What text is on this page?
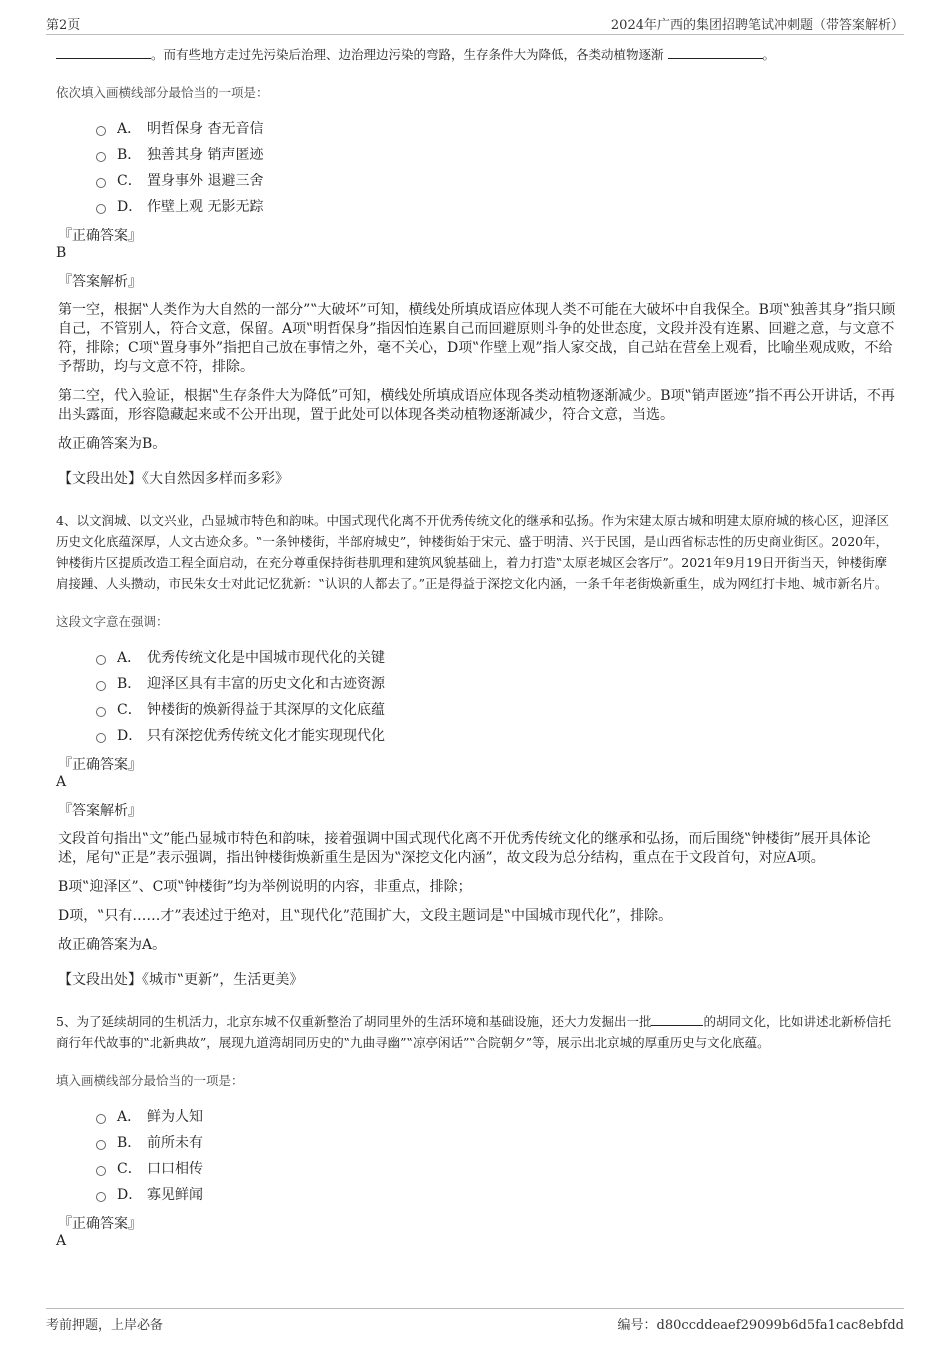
第2页	2024年广西的集团招聘笔试冲刺题（带答案解析）

。而有些地方走过先污染后治理、边治理边污染的弯路，生存条件大为降低，各类动植物逐渐	。

依次填入画横线部分最恰当的一项是：

A． 明哲保身 杳无音信
B． 独善其身 销声匿迹
C． 置身事外 退避三舍
D． 作壁上观 无影无踪
『正确答案』
B
『答案解析』

第一空，根据‟人类作为大自然的一部分”‟大破坏”可知，横线处所填成语应体现人类不可能在大破坏中自我保全。B项‟独善其身”指只顾自己，不管别人，符合文意，保留。A项‟明哲保身”指因怕连累自己而回避原则斗争的处世态度，文段并没有连累、回避之意，与文意不符，排除；C项‟置身事外”指把自己放在事情之外，毫不关心，D项‟作壁上观”指人家交战，自己站在营垒上观看，比喻坐观成败，不给予帮助，均与文意不符，排除。

第二空，代入验证，根据‟生存条件大为降低”可知，横线处所填成语应体现各类动植物逐渐减少。B项‟销声匿迹”指不再公开讲话，不再出头露面，形容隐藏起来或不公开出现，置于此处可以体现各类动植物逐渐减少，符合文意，当选。

故正确答案为B。

【文段出处】《大自然因多样而多彩》

4、以文润城、以文兴业，凸显城市特色和韵味。中国式现代化离不开优秀传统文化的继承和弘扬。作为宋建太原古城和明建太原府城的核心区，迎泽区历史文化底蕴深厚，人文古迹众多。‟一条钟楼街，半部府城史”，钟楼街始于宋元、盛于明清、兴于民国，是山西省标志性的历史商业街区。2020年，钟楼街片区提质改造工程全面启动，在充分尊重保持街巷肌理和建筑风貌基础上，着力打造‟太原老城区会客厅”。2021年9月19日开街当天，钟楼街摩肩接踵、人头攒动，市民朱女士对此记忆犹新：‟认识的人都去了。”正是得益于深挖文化内涵，一条千年老街焕新重生，成为网红打卡地、城市新名片。

这段文字意在强调：

A． 优秀传统文化是中国城市现代化的关键
B． 迎泽区具有丰富的历史文化和古迹资源
C． 钟楼街的焕新得益于其深厚的文化底蕴
D． 只有深挖优秀传统文化才能实现现代化
『正确答案』
A
『答案解析』

文段首句指出‟文”能凸显城市特色和韵味，接着强调中国式现代化离不开优秀传统文化的继承和弘扬，而后围绕‟钟楼街”展开具体论述，尾句‟正是”表示强调，指出钟楼街焕新重生是因为‟深挖文化内涵”，故文段为总分结构，重点在于文段首句，对应A项。

B项‟迎泽区”、C项‟钟楼街”均为举例说明的内容，非重点，排除；

D项，‟只有……才”表述过于绝对，且‟现代化”范围扩大，文段主题词是‟中国城市现代化”，排除。

故正确答案为A。

【文段出处】《城市‟更新”，生活更美》

5、为了延续胡同的生机活力，北京东城不仅重新整治了胡同里外的生活环境和基础设施，还大力发掘出一批	的胡同文化，比如讲述北新桥信托商行年代故事的‟北新典故”，展现九道湾胡同历史的‟九曲寻幽”‟凉亭闲话”‟合院朝夕”等，展示出北京城的厚重历史与文化底蕴。

填入画横线部分最恰当的一项是：

A． 鲜为人知
B． 前所未有
C． 口口相传
D． 寡见鲜闻
『正确答案』
A
考前押题，上岸必备	编号：d80ccddeaef29099b6d5fa1cac8ebfdd
